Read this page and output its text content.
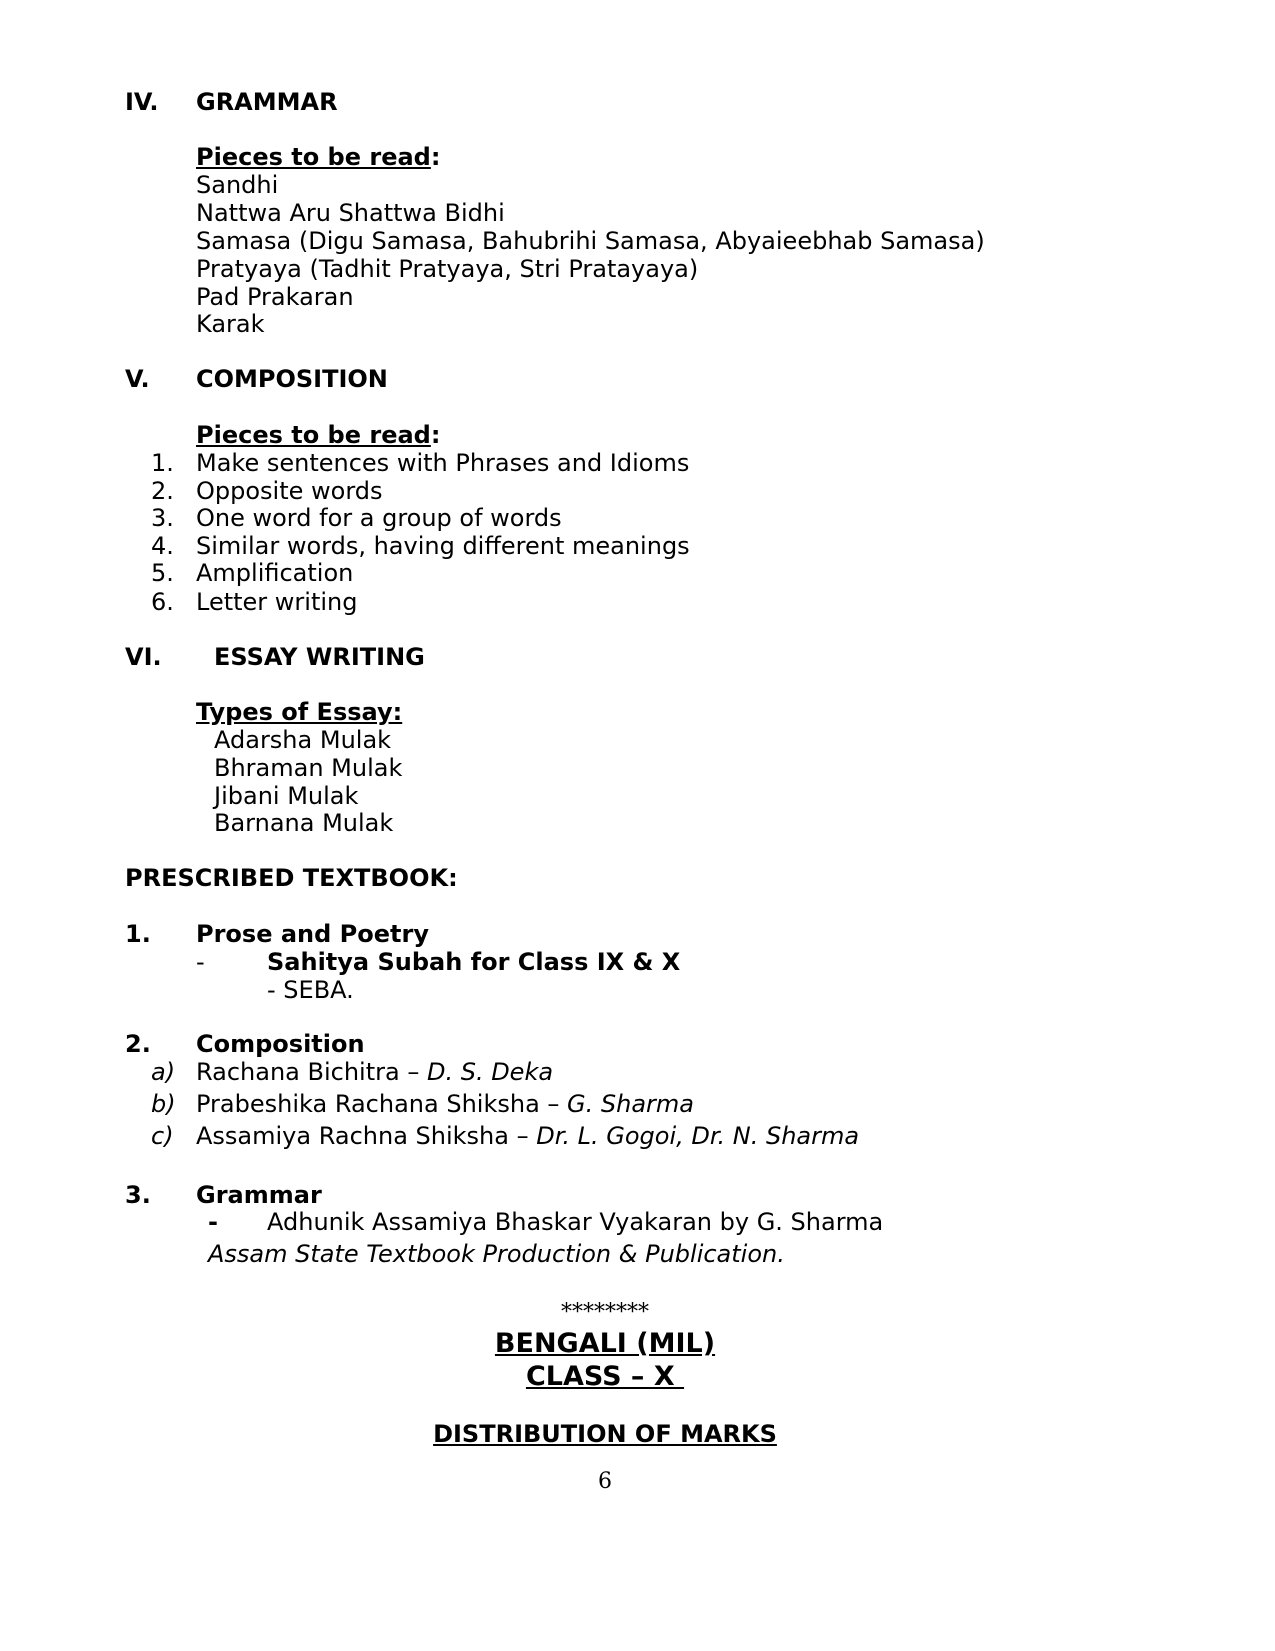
IV. GRAMMAR
Pieces to be read:
Sandhi
Nattwa Aru Shattwa Bidhi
Samasa (Digu Samasa, Bahubrihi Samasa, Abyaieebhab Samasa)
Pratyaya (Tadhit Pratyaya, Stri Pratayaya)
Pad Prakaran
Karak
V. COMPOSITION
Pieces to be read:
1. Make sentences with Phrases and Idioms
2. Opposite words
3. One word for a group of words
4. Similar words, having different meanings
5. Amplification
6. Letter writing
VI. ESSAY WRITING
Types of Essay:
Adarsha Mulak
Bhraman Mulak
Jibani Mulak
Barnana Mulak
PRESCRIBED TEXTBOOK:
1. Prose and Poetry
-	Sahitya Subah for Class IX & X
- SEBA.
2. Composition
a) Rachana Bichitra – D. S. Deka
b) Prabeshika Rachana Shiksha – G. Sharma
c) Assamiya Rachna Shiksha – Dr. L. Gogoi, Dr. N. Sharma
3. Grammar
- Adhunik Assamiya Bhaskar Vyakaran by G. Sharma
Assam State Textbook Production & Publication.
********
BENGALI (MIL)
CLASS – X
DISTRIBUTION OF MARKS
6
